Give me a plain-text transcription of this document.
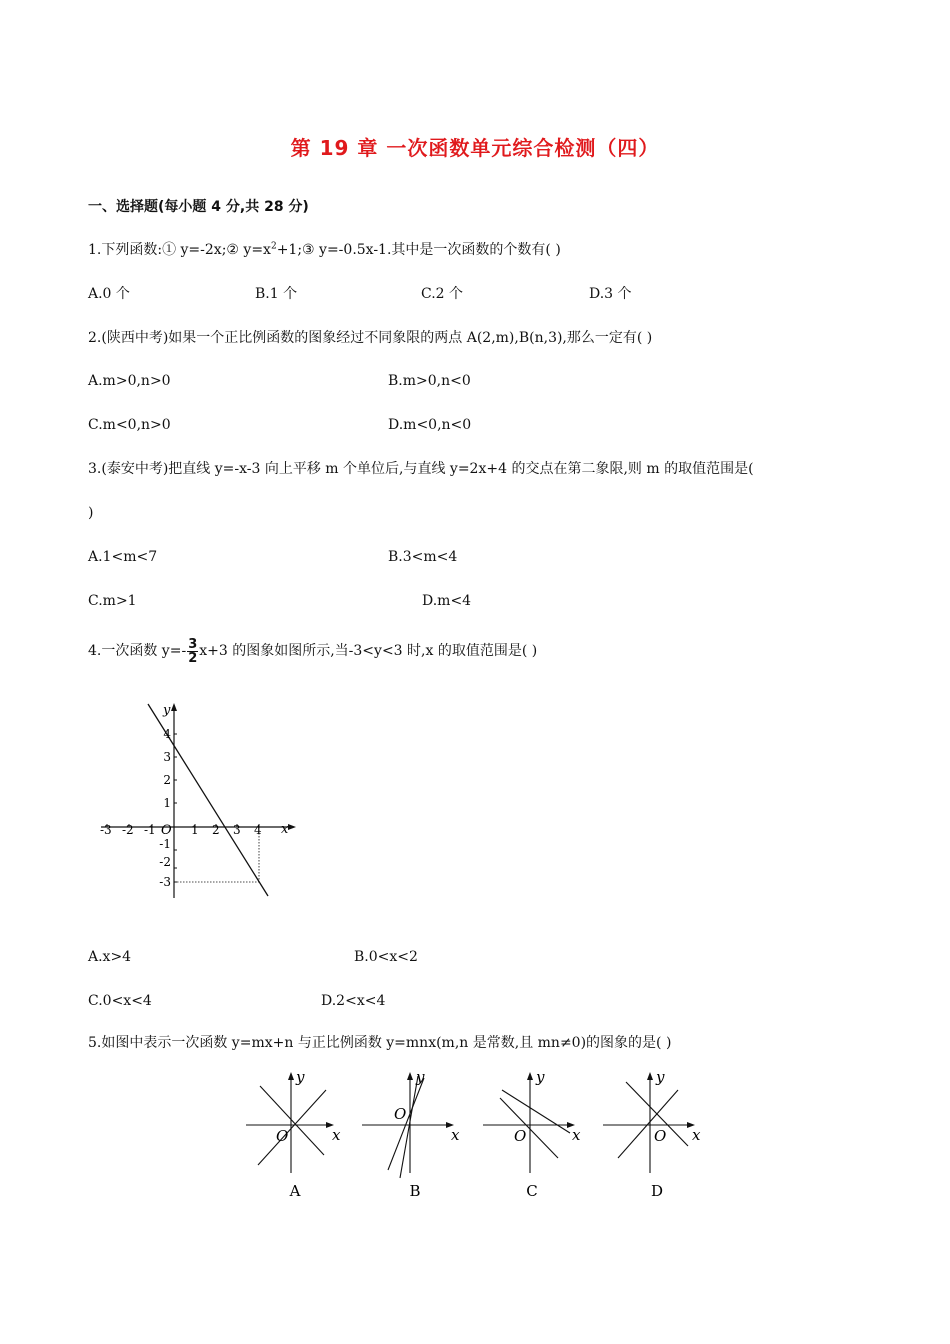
第 19 章 一次函数单元综合检测（四）
一、选择题(每小题 4 分,共 28 分)
1.下列函数:① y=-2x;② $y=x^2+1;③$ y=-0.5x-1.其中是一次函数的个数有( )
A.0 个	B.1 个	C.2 个	D.3 个
2.(陕西中考)如果一个正比例函数的图象经过不同象限的两点 A(2,m),B(n,3),那么一定有( )
A.m>0,n>0	B.m>0,n<0
C.m<0,n>0	D.m<0,n<0
3.(泰安中考)把直线 y=-x-3 向上平移 m 个单位后,与直线 y=2x+4 的交点在第二象限,则 m 的取值范围是(
)
A.1<m<7	B.3<m<4
C.m>1	D.m<4
4.一次函数 $y=- \frac{3}{2} x+3$ 的图象如图所示,当-3<y<3 时,x 的取值范围是( )
y
x
O
-3 -2 -1	1 2 3 4
4
3
2
1
-1
-2
-3
A.x>4	B.0<x<2
C.0<x<4	D.2<x<4
5.如图中表示一次函数 y=mx+n 与正比例函数 y=mnx(m,n 是常数,且 mn≠0)的图象的是( )
y
x
O
y
x
O
y
x
O
y
x
O
A	B	C	D
